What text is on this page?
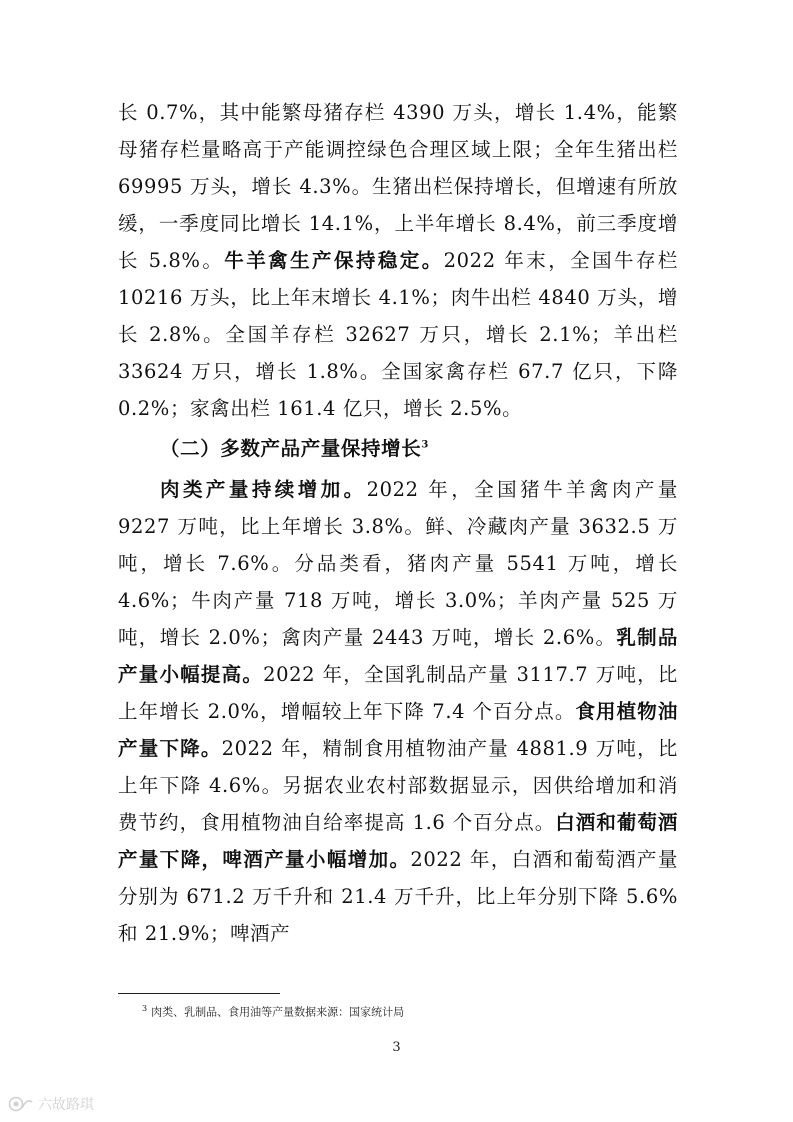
长 0.7%，其中能繁母猪存栏 4390 万头，增长 1.4%，能繁母猪存栏量略高于产能调控绿色合理区域上限；全年生猪出栏 69995 万头，增长 4.3%。生猪出栏保持增长，但增速有所放缓，一季度同比增长 14.1%，上半年增长 8.4%，前三季度增长 5.8%。牛羊禽生产保持稳定。2022 年末，全国牛存栏 10216 万头，比上年末增长 4.1%；肉牛出栏 4840 万头，增长 2.8%。全国羊存栏 32627 万只，增长 2.1%；羊出栏 33624 万只，增长 1.8%。全国家禽存栏 67.7 亿只，下降 0.2%；家禽出栏 161.4 亿只，增长 2.5%。

（二）多数产品产量保持增长$^3$

肉类产量持续增加。2022 年，全国猪牛羊禽肉产量 9227 万吨，比上年增长 3.8%。鲜、冷藏肉产量 3632.5 万吨，增长 7.6%。分品类看，猪肉产量 5541 万吨，增长 4.6%；牛肉产量 718 万吨，增长 3.0%；羊肉产量 525 万吨，增长 2.0%；禽肉产量 2443 万吨，增长 2.6%。乳制品产量小幅提高。2022 年，全国乳制品产量 3117.7 万吨，比上年增长 2.0%，增幅较上年下降 7.4 个百分点。食用植物油产量下降。2022 年，精制食用植物油产量 4881.9 万吨，比上年下降 4.6%。另据农业农村部数据显示，因供给增加和消费节约，食用植物油自给率提高 1.6 个百分点。白酒和葡萄酒产量下降，啤酒产量小幅增加。2022 年，白酒和葡萄酒产量分别为 671.2 万千升和 21.4 万千升，比上年分别下降 5.6%和 21.9%；啤酒产

$^3$ 肉类、乳制品、食用油等产量数据来源：国家统计局
3
六故路琪
